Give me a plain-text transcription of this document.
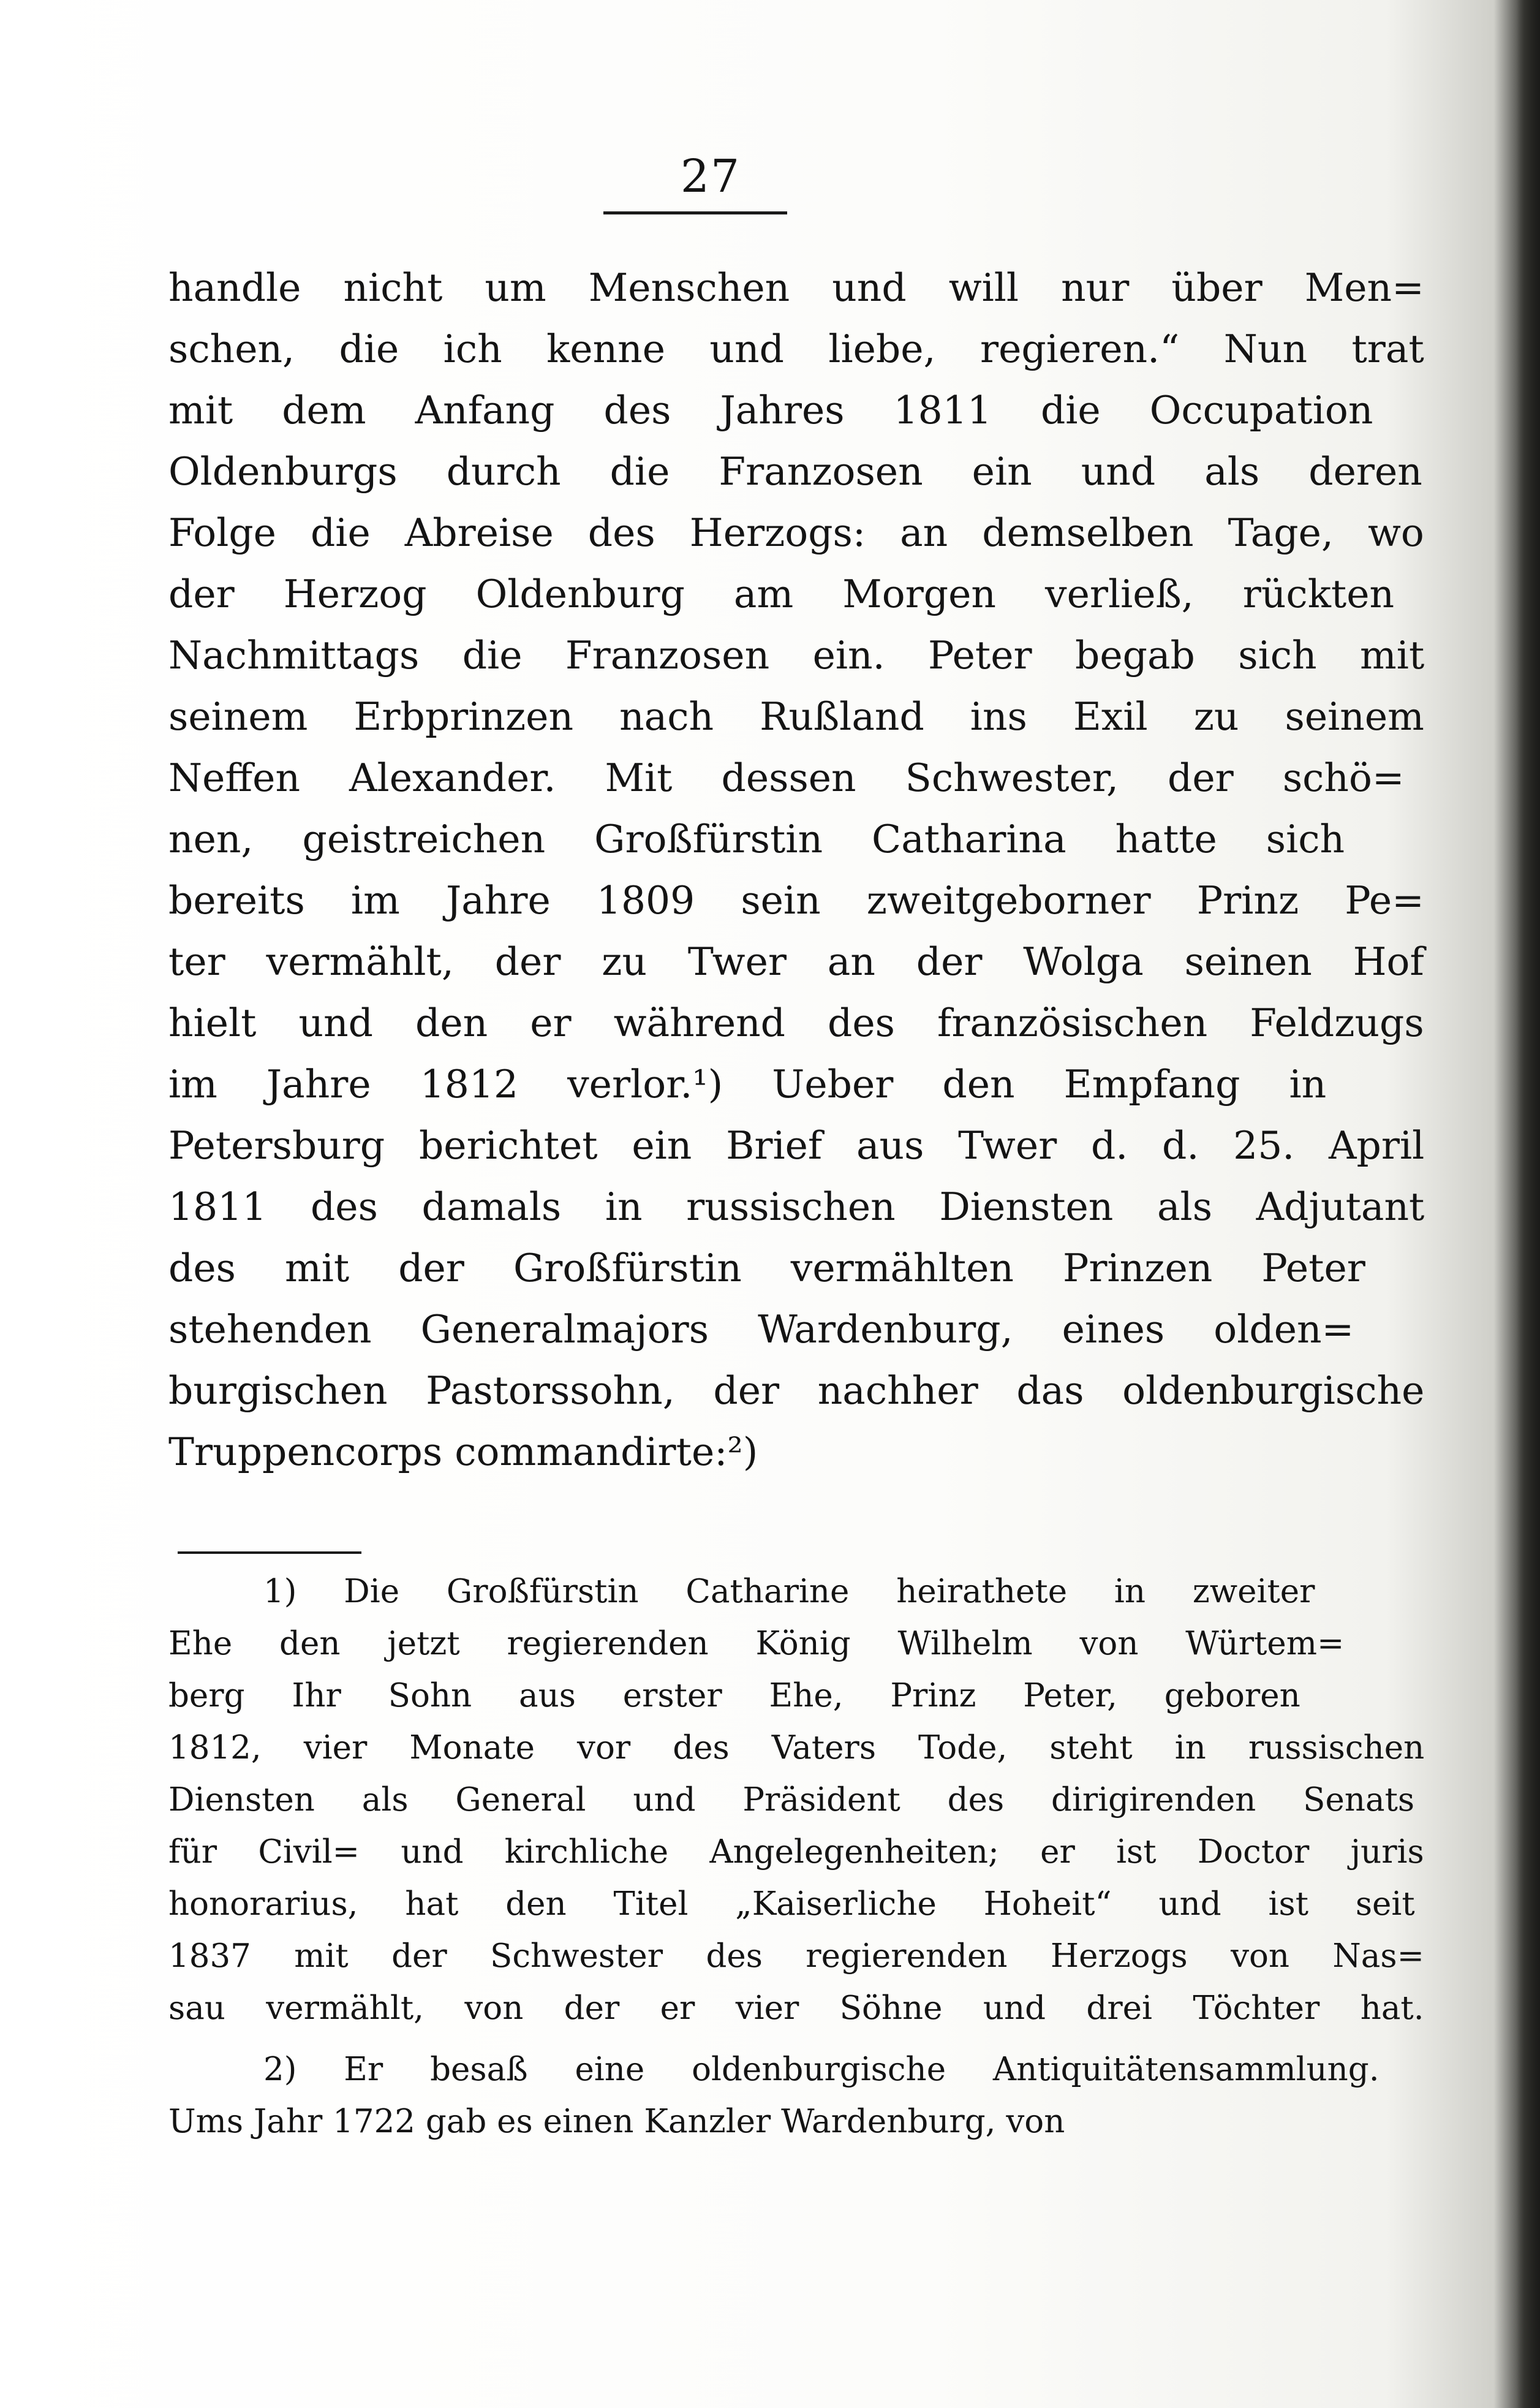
27
handle nicht um Menschen und will nur über Men=
schen, die ich kenne und liebe, regieren.“ Nun trat
mit dem Anfang des Jahres 1811 die Occupation
Oldenburgs durch die Franzosen ein und als deren
Folge die Abreise des Herzogs: an demselben Tage, wo
der Herzog Oldenburg am Morgen verließ, rückten
Nachmittags die Franzosen ein. Peter begab sich mit
seinem Erbprinzen nach Rußland ins Exil zu seinem
Neffen Alexander. Mit dessen Schwester, der schö=
nen, geistreichen Großfürstin Catharina hatte sich
bereits im Jahre 1809 sein zweitgeborner Prinz Pe=
ter vermählt, der zu Twer an der Wolga seinen Hof
hielt und den er während des französischen Feldzugs
im Jahre 1812 verlor.¹) Ueber den Empfang in
Petersburg berichtet ein Brief aus Twer d. d. 25. April
1811 des damals in russischen Diensten als Adjutant
des mit der Großfürstin vermählten Prinzen Peter
stehenden Generalmajors Wardenburg, eines olden=
burgischen Pastorssohn, der nachher das oldenburgische
Truppencorps commandirte:²)
1) Die Großfürstin Catharine heirathete in zweiter
Ehe den jetzt regierenden König Wilhelm von Würtem=
berg Ihr Sohn aus erster Ehe, Prinz Peter, geboren
1812, vier Monate vor des Vaters Tode, steht in russischen
Diensten als General und Präsident des dirigirenden Senats
für Civil= und kirchliche Angelegenheiten; er ist Doctor juris
honorarius, hat den Titel „Kaiserliche Hoheit“ und ist seit
1837 mit der Schwester des regierenden Herzogs von Nas=
sau vermählt, von der er vier Söhne und drei Töchter hat.
2) Er besaß eine oldenburgische Antiquitätensammlung.
Ums Jahr 1722 gab es einen Kanzler Wardenburg, von
